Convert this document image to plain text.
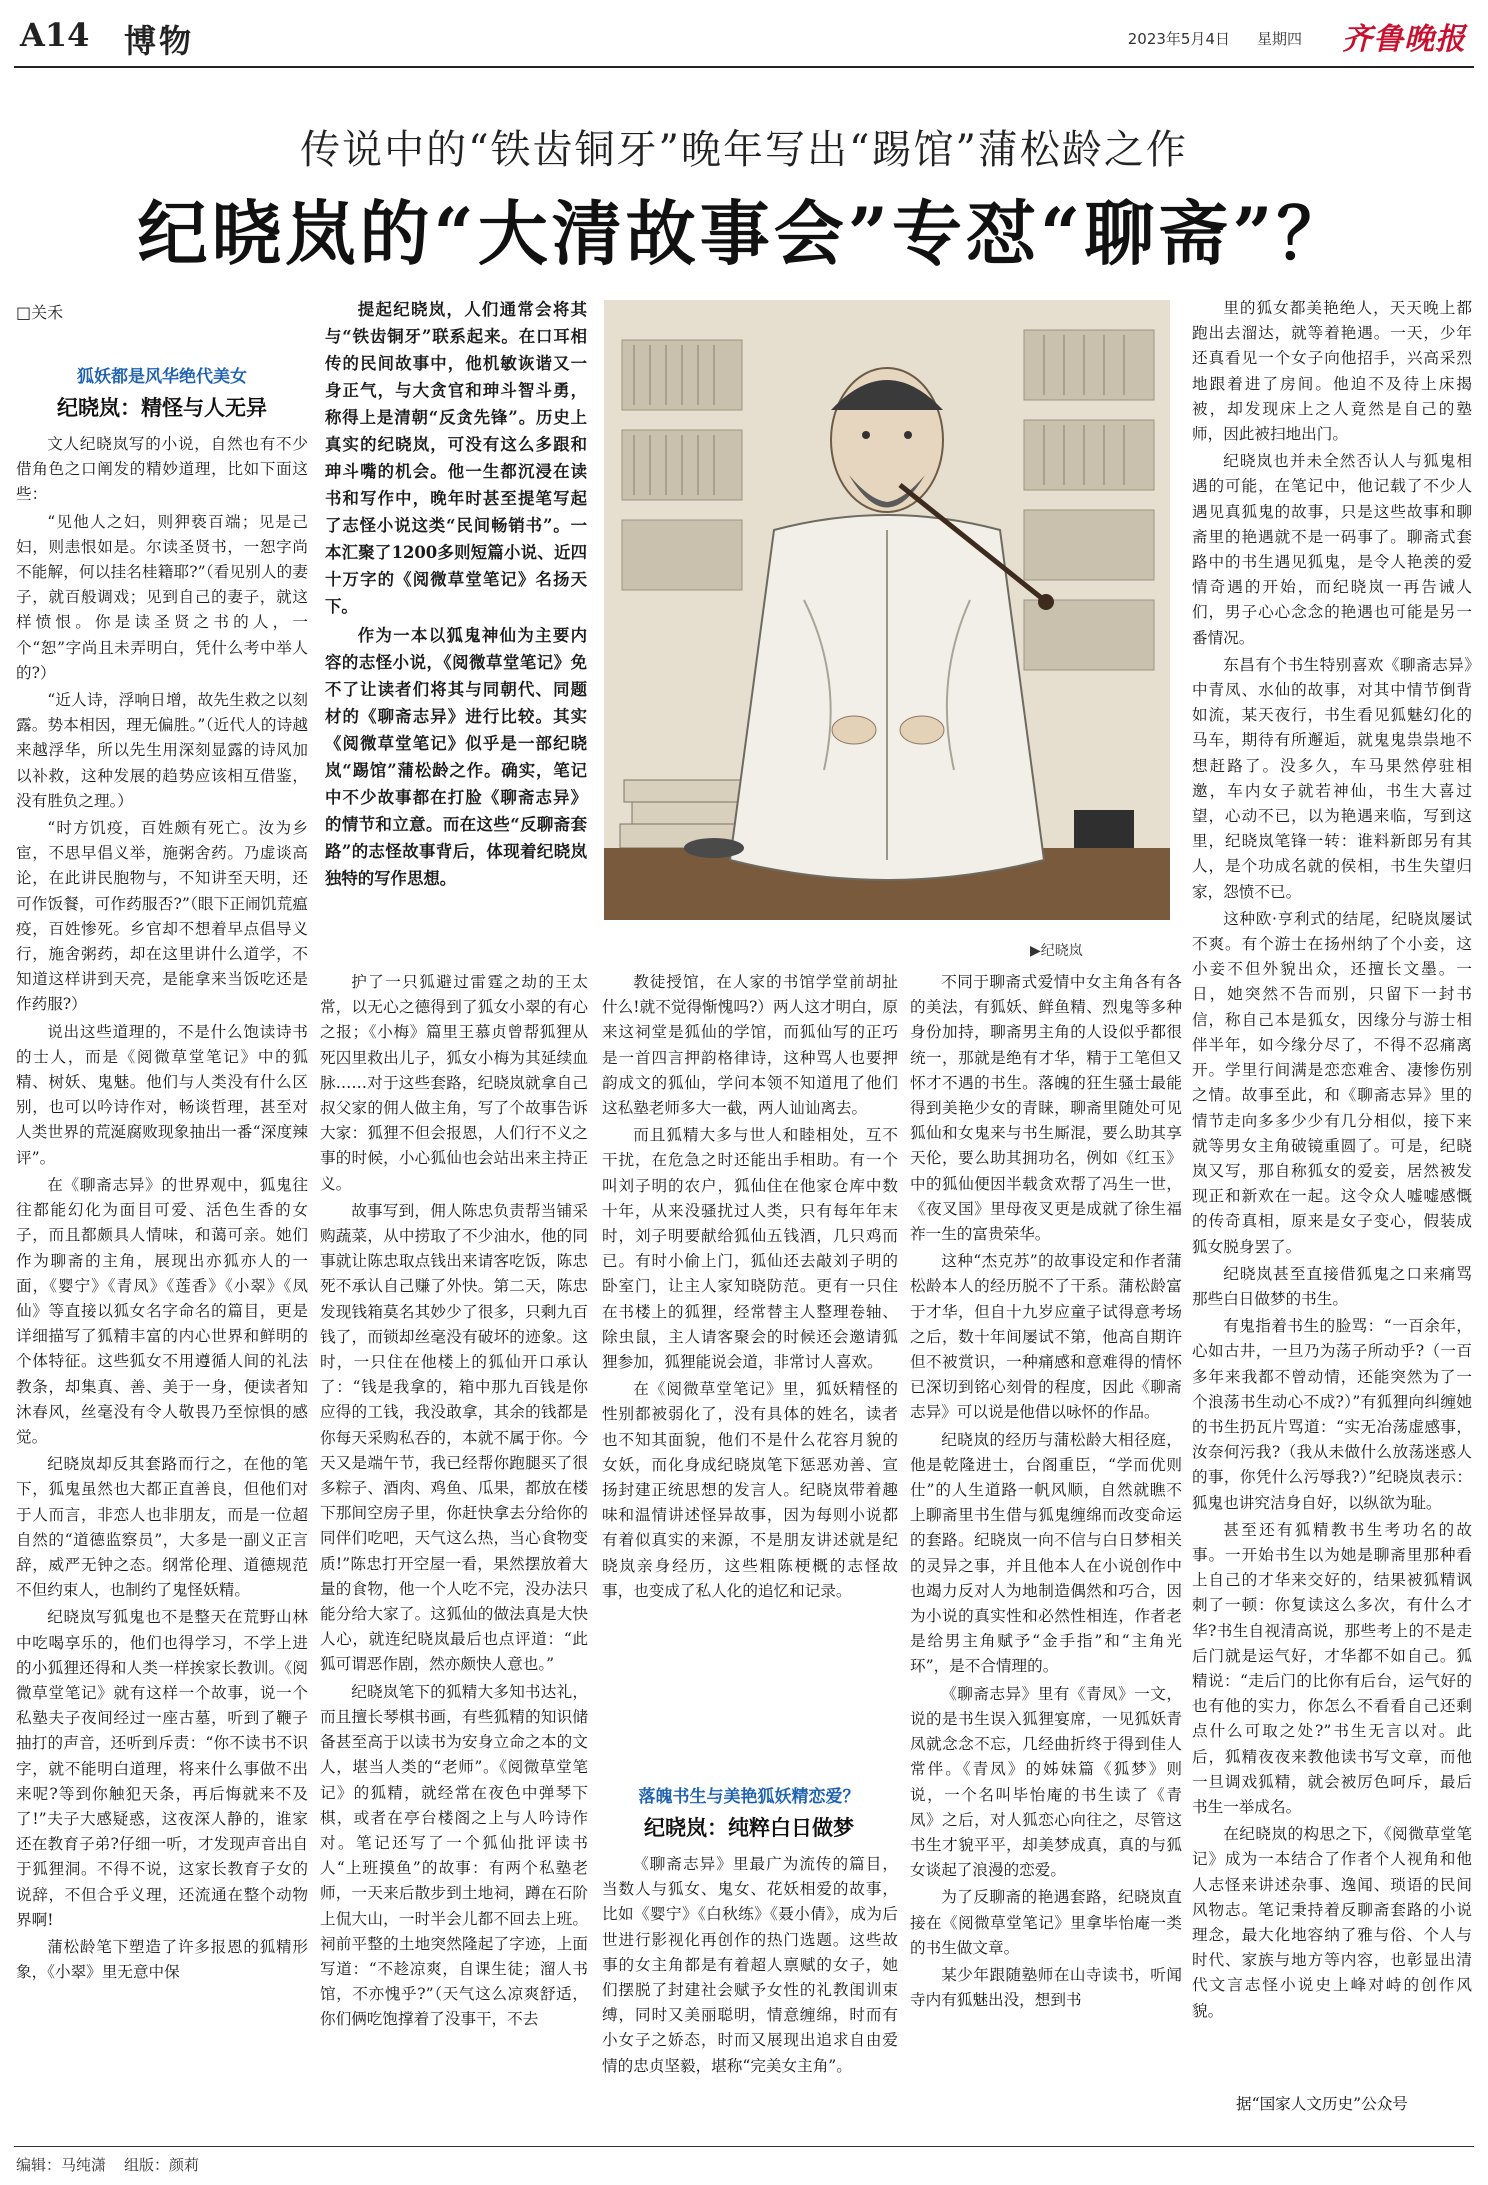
A14 博物	2023年5月4日 星期四 齐鲁晚报
传说中的“铁齿铜牙”晚年写出“踢馆”蒲松龄之作
纪晓岚的“大清故事会”专怼“聊斋”？
□关禾
狐妖都是风华绝代美女
纪晓岚：精怪与人无异

文人纪晓岚写的小说，自然也有不少借角色之口阐发的精妙道理，比如下面这些：

“见他人之妇，则狎亵百端；见是己妇，则恚恨如是。尔读圣贤书，一恕字尚不能解，何以挂名桂籍耶?”（看见别人的妻子，就百般调戏；见到自己的妻子，就这样愤恨。你是读圣贤之书的人，一个“恕”字尚且未弄明白，凭什么考中举人的?）

“近人诗，浮响日增，故先生救之以刻露。势本相因，理无偏胜。”（近代人的诗越来越浮华，所以先生用深刻显露的诗风加以补救，这种发展的趋势应该相互借鉴，没有胜负之理。）

“时方饥疫，百姓颇有死亡。汝为乡宦，不思早倡义举，施粥舍药。乃虚谈高论，在此讲民胞物与，不知讲至天明，还可作饭餐，可作药服否?”（眼下正闹饥荒瘟疫，百姓惨死。乡官却不想着早点倡导义行，施舍粥药，却在这里讲什么道学，不知道这样讲到天亮，是能拿来当饭吃还是作药服?）

说出这些道理的，不是什么饱读诗书的士人，而是《阅微草堂笔记》中的狐精、树妖、鬼魅。他们与人类没有什么区别，也可以吟诗作对，畅谈哲理，甚至对人类世界的荒涎腐败现象抽出一番“深度辣评”。

在《聊斋志异》的世界观中，狐鬼往往都能幻化为面目可爱、活色生香的女子，而且都颇具人情味，和蔼可亲。她们作为聊斋的主角，展现出亦狐亦人的一面，《婴宁》《青凤》《莲香》《小翠》《凤仙》等直接以狐女名字命名的篇目，更是详细描写了狐精丰富的内心世界和鲜明的个体特征。这些狐女不用遵循人间的礼法教条，却集真、善、美于一身，便读者知沐春风，丝毫没有令人敬畏乃至惊惧的感觉。

纪晓岚却反其套路而行之，在他的笔下，狐鬼虽然也大都正直善良，但他们对于人而言，非恋人也非朋友，而是一位超自然的“道德监察员”，大多是一副义正言辞，威严无钟之态。纲常伦理、道德规范不但约束人，也制约了鬼怪妖精。

纪晓岚写狐鬼也不是整天在荒野山林中吃喝享乐的，他们也得学习，不学上进的小狐狸还得和人类一样挨家长教训。《阅微草堂笔记》就有这样一个故事，说一个私塾夫子夜间经过一座古墓，听到了鞭子抽打的声音，还听到斥责：“你不读书不识字，就不能明白道理，将来什么事做不出来呢?等到你触犯天条，再后悔就来不及了!”夫子大感疑惑，这夜深人静的，谁家还在教育子弟?仔细一听，才发现声音出自于狐狸洞。不得不说，这家长教育子女的说辞，不但合乎义理，还流通在整个动物界啊!

蒲松龄笔下塑造了许多报恩的狐精形象，《小翠》里无意中保

提起纪晓岚，人们通常会将其与“铁齿铜牙”联系起来。在口耳相传的民间故事中，他机敏诙谐又一身正气，与大贪官和珅斗智斗勇，称得上是清朝“反贪先锋”。历史上真实的纪晓岚，可没有这么多跟和珅斗嘴的机会。他一生都沉浸在读书和写作中，晚年时甚至提笔写起了志怪小说这类“民间畅销书”。一本汇聚了1200多则短篇小说、近四十万字的《阅微草堂笔记》名扬天下。

作为一本以狐鬼神仙为主要内容的志怪小说，《阅微草堂笔记》免不了让读者们将其与同朝代、同题材的《聊斋志异》进行比较。其实《阅微草堂笔记》似乎是一部纪晓岚“踢馆”蒲松龄之作。确实，笔记中不少故事都在打脸《聊斋志异》的情节和立意。而在这些“反聊斋套路”的志怪故事背后，体现着纪晓岚独特的写作思想。

▶纪晓岚

护了一只狐避过雷霆之劫的王太常，以无心之德得到了狐女小翠的有心之报；《小梅》篇里王慕贞曾帮狐狸从死囚里救出儿子，狐女小梅为其延续血脉……对于这些套路，纪晓岚就拿自己叔父家的佣人做主角，写了个故事告诉大家：狐狸不但会报恩，人们行不义之事的时候，小心狐仙也会站出来主持正义。

故事写到，佣人陈忠负责帮当铺采购蔬菜，从中捞取了不少油水，他的同事就让陈忠取点钱出来请客吃饭，陈忠死不承认自己赚了外快。第二天，陈忠发现钱箱莫名其妙少了很多，只剩九百钱了，而锁却丝毫没有破坏的迹象。这时，一只住在他楼上的狐仙开口承认了：“钱是我拿的，箱中那九百钱是你应得的工钱，我没敢拿，其余的钱都是你每天采购私吞的，本就不属于你。今天又是端午节，我已经帮你跑腿买了很多粽子、酒肉、鸡鱼、瓜果，都放在楼下那间空房子里，你赶快拿去分给你的同伴们吃吧，天气这么热，当心食物变质!”陈忠打开空屋一看，果然摆放着大量的食物，他一个人吃不完，没办法只能分给大家了。这狐仙的做法真是大快人心，就连纪晓岚最后也点评道：“此狐可谓恶作剧，然亦颇快人意也。”

纪晓岚笔下的狐精大多知书达礼，而且擅长琴棋书画，有些狐精的知识储备甚至高于以读书为安身立命之本的文人，堪当人类的“老师”。《阅微草堂笔记》的狐精，就经常在夜色中弹琴下棋，或者在亭台楼阁之上与人吟诗作对。笔记还写了一个狐仙批评读书人“上班摸鱼”的故事：有两个私塾老师，一天来后散步到土地祠，蹲在石阶上侃大山，一时半会儿都不回去上班。祠前平整的土地突然隆起了字迹，上面写道：“不趁凉爽，自课生徒；溜人书馆，不亦愧乎?”（天气这么凉爽舒适，你们俩吃饱撑着了没事干，不去

教徒授馆，在人家的书馆学堂前胡扯什么!就不觉得惭愧吗?）两人这才明白，原来这祠堂是狐仙的学馆，而狐仙写的正巧是一首四言押韵格律诗，这种骂人也要押韵成文的狐仙，学问本领不知道甩了他们这私塾老师多大一截，两人讪讪离去。

而且狐精大多与世人和睦相处，互不干扰，在危急之时还能出手相助。有一个叫刘子明的农户，狐仙住在他家仓库中数十年，从来没骚扰过人类，只有每年年末时，刘子明要献给狐仙五钱酒，几只鸡而已。有时小偷上门，狐仙还去敲刘子明的卧室门，让主人家知晓防范。更有一只住在书楼上的狐狸，经常替主人整理卷轴、除虫鼠，主人请客聚会的时候还会邀请狐狸参加，狐狸能说会道，非常讨人喜欢。

在《阅微草堂笔记》里，狐妖精怪的性别都被弱化了，没有具体的姓名，读者也不知其面貌，他们不是什么花容月貌的女妖，而化身成纪晓岚笔下惩恶劝善、宣扬封建正统思想的发言人。纪晓岚带着趣味和温情讲述怪异故事，因为每则小说都有着似真实的来源，不是朋友讲述就是纪晓岚亲身经历，这些粗陈梗概的志怪故事，也变成了私人化的追忆和记录。

落魄书生与美艳狐妖精恋爱？
纪晓岚：纯粹白日做梦

《聊斋志异》里最广为流传的篇目，当数人与狐女、鬼女、花妖相爱的故事，比如《婴宁》《白秋练》《聂小倩》，成为后世进行影视化再创作的热门选题。这些故事的女主角都是有着超人禀赋的女子，她们摆脱了封建社会赋予女性的礼教闺训束缚，同时又美丽聪明，情意缠绵，时而有小女子之娇态，时而又展现出追求自由爱情的忠贞坚毅，堪称“完美女主角”。

不同于聊斋式爱情中女主角各有各的美法，有狐妖、鲜鱼精、烈鬼等多种身份加持，聊斋男主角的人设似乎都很统一，那就是绝有才华，精于工笔但又怀才不遇的书生。落魄的狂生骚士最能得到美艳少女的青睐，聊斋里随处可见狐仙和女鬼来与书生厮混，要么助其享天伦，要么助其拥功名，例如《红玉》中的狐仙便因半载贪欢帮了冯生一世，《夜叉国》里母夜叉更是成就了徐生福祚一生的富贵荣华。

这种“杰克苏”的故事设定和作者蒲松龄本人的经历脱不了干系。蒲松龄富于才华，但自十九岁应童子试得意考场之后，数十年间屡试不第，他高自期许但不被赏识，一种痛感和意难得的情怀已深切到铭心刻骨的程度，因此《聊斋志异》可以说是他借以咏怀的作品。

纪晓岚的经历与蒲松龄大相径庭，他是乾隆进士，台阁重臣，“学而优则仕”的人生道路一帆风顺，自然就瞧不上聊斋里书生借与狐鬼缠绵而改变命运的套路。纪晓岚一向不信与白日梦相关的灵异之事，并且他本人在小说创作中也竭力反对人为地制造偶然和巧合，因为小说的真实性和必然性相连，作者老是给男主角赋予“金手指”和“主角光环”，是不合情理的。

《聊斋志异》里有《青凤》一文，说的是书生误入狐狸宴席，一见狐妖青凤就念念不忘，几经曲折终于得到佳人常伴。《青凤》的姊妹篇《狐梦》则说，一个名叫毕怡庵的书生读了《青凤》之后，对人狐恋心向往之，尽管这书生才貌平平，却美梦成真，真的与狐女谈起了浪漫的恋爱。

为了反聊斋的艳遇套路，纪晓岚直接在《阅微草堂笔记》里拿毕怡庵一类的书生做文章。

某少年跟随塾师在山寺读书，听闻寺内有狐魅出没，想到书

里的狐女都美艳绝人，天天晚上都跑出去溜达，就等着艳遇。一天，少年还真看见一个女子向他招手，兴高采烈地跟着进了房间。他迫不及待上床揭被，却发现床上之人竟然是自己的塾师，因此被扫地出门。

纪晓岚也并未全然否认人与狐鬼相遇的可能，在笔记中，他记载了不少人遇见真狐鬼的故事，只是这些故事和聊斋里的艳遇就不是一码事了。聊斋式套路中的书生遇见狐鬼，是令人艳羡的爱情奇遇的开始，而纪晓岚一再告诫人们，男子心心念念的艳遇也可能是另一番情况。

东昌有个书生特别喜欢《聊斋志异》中青凤、水仙的故事，对其中情节倒背如流，某天夜行，书生看见狐魅幻化的马车，期待有所邂逅，就鬼鬼祟祟地不想赶路了。没多久，车马果然停驻相邀，车内女子就若神仙，书生大喜过望，心动不已，以为艳遇来临，写到这里，纪晓岚笔锋一转：谁料新郎另有其人，是个功成名就的侯相，书生失望归家，怨愤不已。

这种欧·亨利式的结尾，纪晓岚屡试不爽。有个游士在扬州纳了个小妾，这小妾不但外貌出众，还擅长文墨。一日，她突然不告而别，只留下一封书信，称自己本是狐女，因缘分与游士相伴半年，如今缘分尽了，不得不忍痛离开。学里行间满是恋恋难舍、凄惨伤别之情。故事至此，和《聊斋志异》里的情节走向多多少少有几分相似，接下来就等男女主角破镜重圆了。可是，纪晓岚又写，那自称狐女的爱妾，居然被发现正和新欢在一起。这令众人嘘嘘感慨的传奇真相，原来是女子变心，假装成狐女脱身罢了。

纪晓岚甚至直接借狐鬼之口来痛骂那些白日做梦的书生。

有鬼指着书生的脸骂：“一百余年，心如古井，一旦乃为荡子所动乎?（一百多年来我都不曾动情，还能突然为了一个浪荡书生动心不成?）”有狐狸向纠缠她的书生扔瓦片骂道：“实无冶荡虚感事，汝奈何污我?（我从未做什么放荡迷惑人的事，你凭什么污辱我?）”纪晓岚表示：狐鬼也讲究洁身自好，以纵欲为耻。

甚至还有狐精教书生考功名的故事。一开始书生以为她是聊斋里那种看上自己的才华来交好的，结果被狐精讽刺了一顿：你复读这么多次，有什么才华?书生自视清高说，那些考上的不是走后门就是运气好，才华都不如自己。狐精说：“走后门的比你有后台，运气好的也有他的实力，你怎么不看看自己还剩点什么可取之处?”书生无言以对。此后，狐精夜夜来教他读书写文章，而他一旦调戏狐精，就会被厉色呵斥，最后书生一举成名。

在纪晓岚的构思之下，《阅微草堂笔记》成为一本结合了作者个人视角和他人志怪来讲述杂事、逸闻、琐语的民间风物志。笔记秉持着反聊斋套路的小说理念，最大化地容纳了雅与俗、个人与时代、家族与地方等内容，也彰显出清代文言志怪小说史上峰对峙的创作风貌。

据“国家人文历史”公众号
编辑：马纯潇 组版：颜莉
